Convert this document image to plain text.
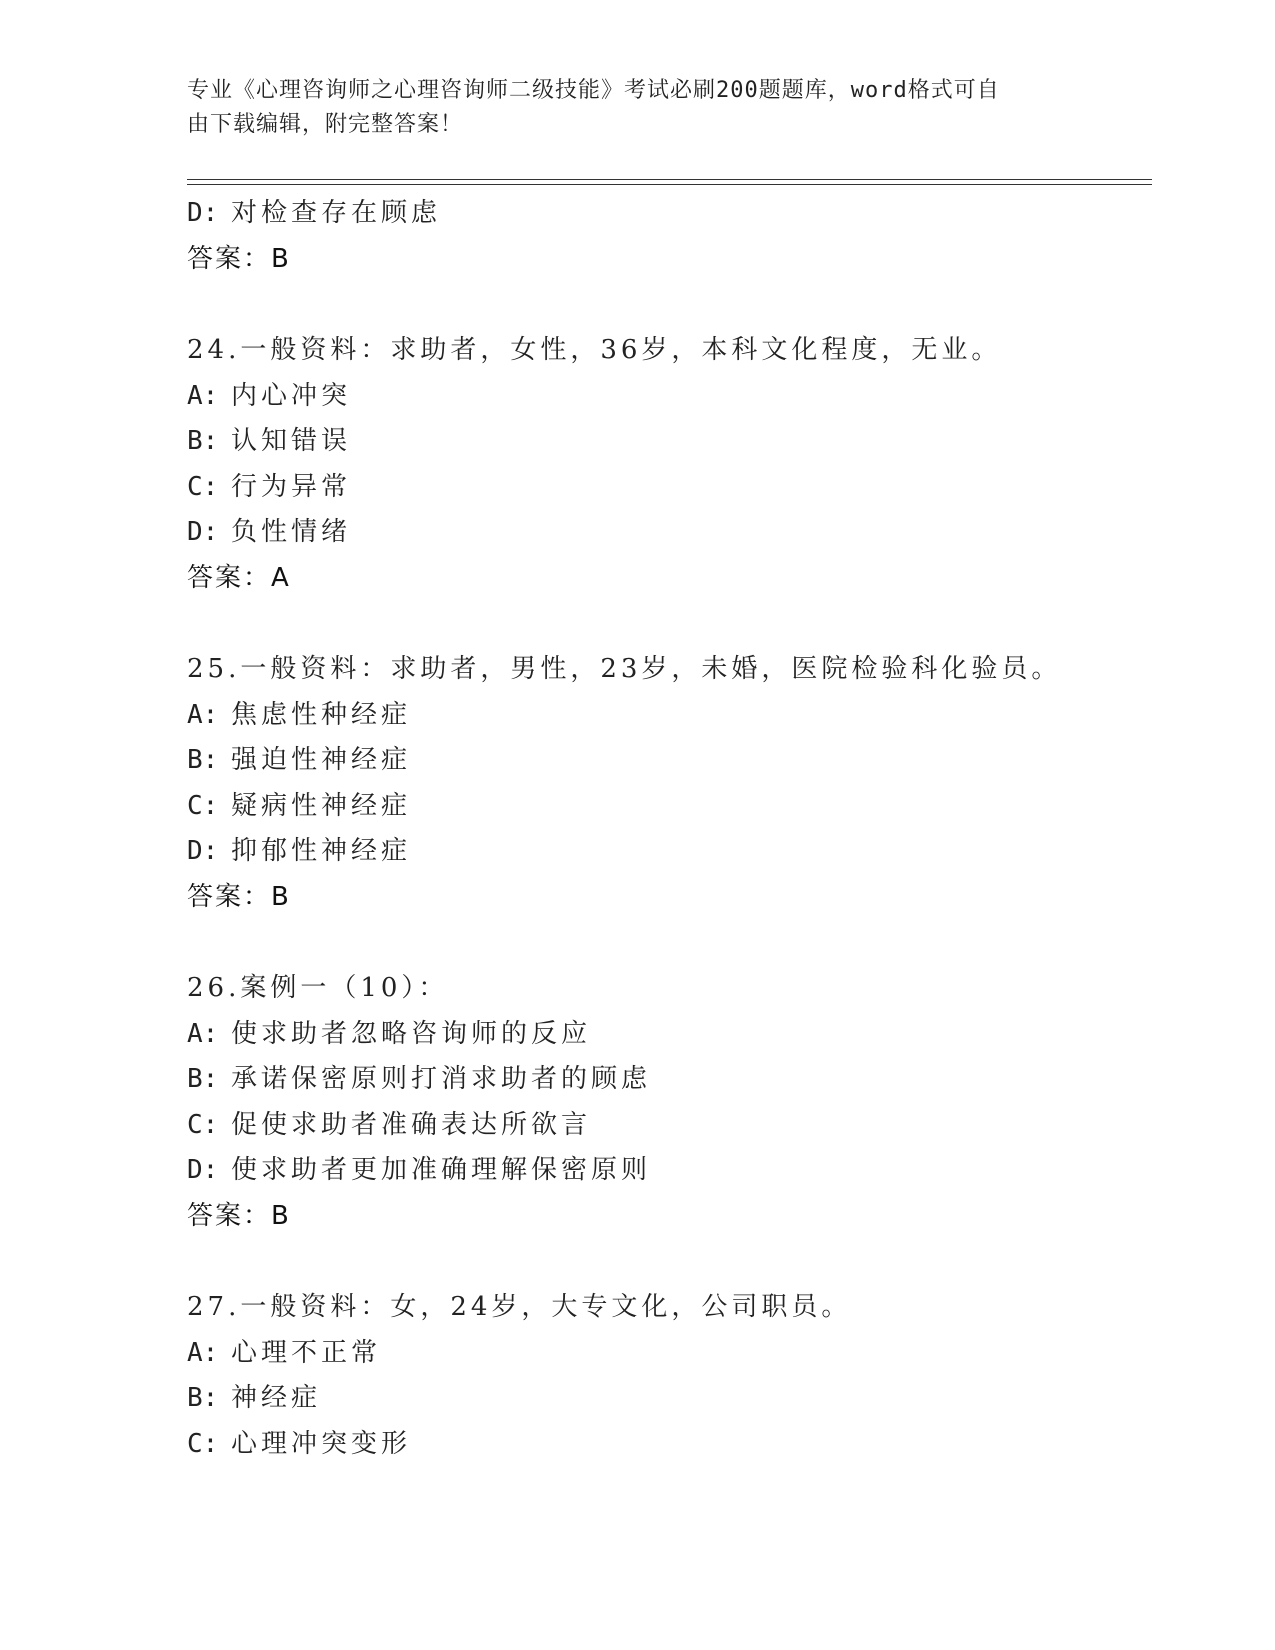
专业《心理咨询师之心理咨询师二级技能》考试必刷200题题库，word格式可自
由下载编辑，附完整答案！
D: 对检查存在顾虑
答案：B
24.一般资料：求助者，女性，36岁，本科文化程度，无业。
A: 内心冲突
B: 认知错误
C: 行为异常
D: 负性情绪
答案：A
25.一般资料：求助者，男性，23岁，未婚，医院检验科化验员。
A: 焦虑性种经症
B: 强迫性神经症
C: 疑病性神经症
D: 抑郁性神经症
答案：B
26.案例一（10）：
A: 使求助者忽略咨询师的反应
B: 承诺保密原则打消求助者的顾虑
C: 促使求助者准确表达所欲言
D: 使求助者更加准确理解保密原则
答案：B
27.一般资料：女，24岁，大专文化，公司职员。
A: 心理不正常
B: 神经症
C: 心理冲突变形
